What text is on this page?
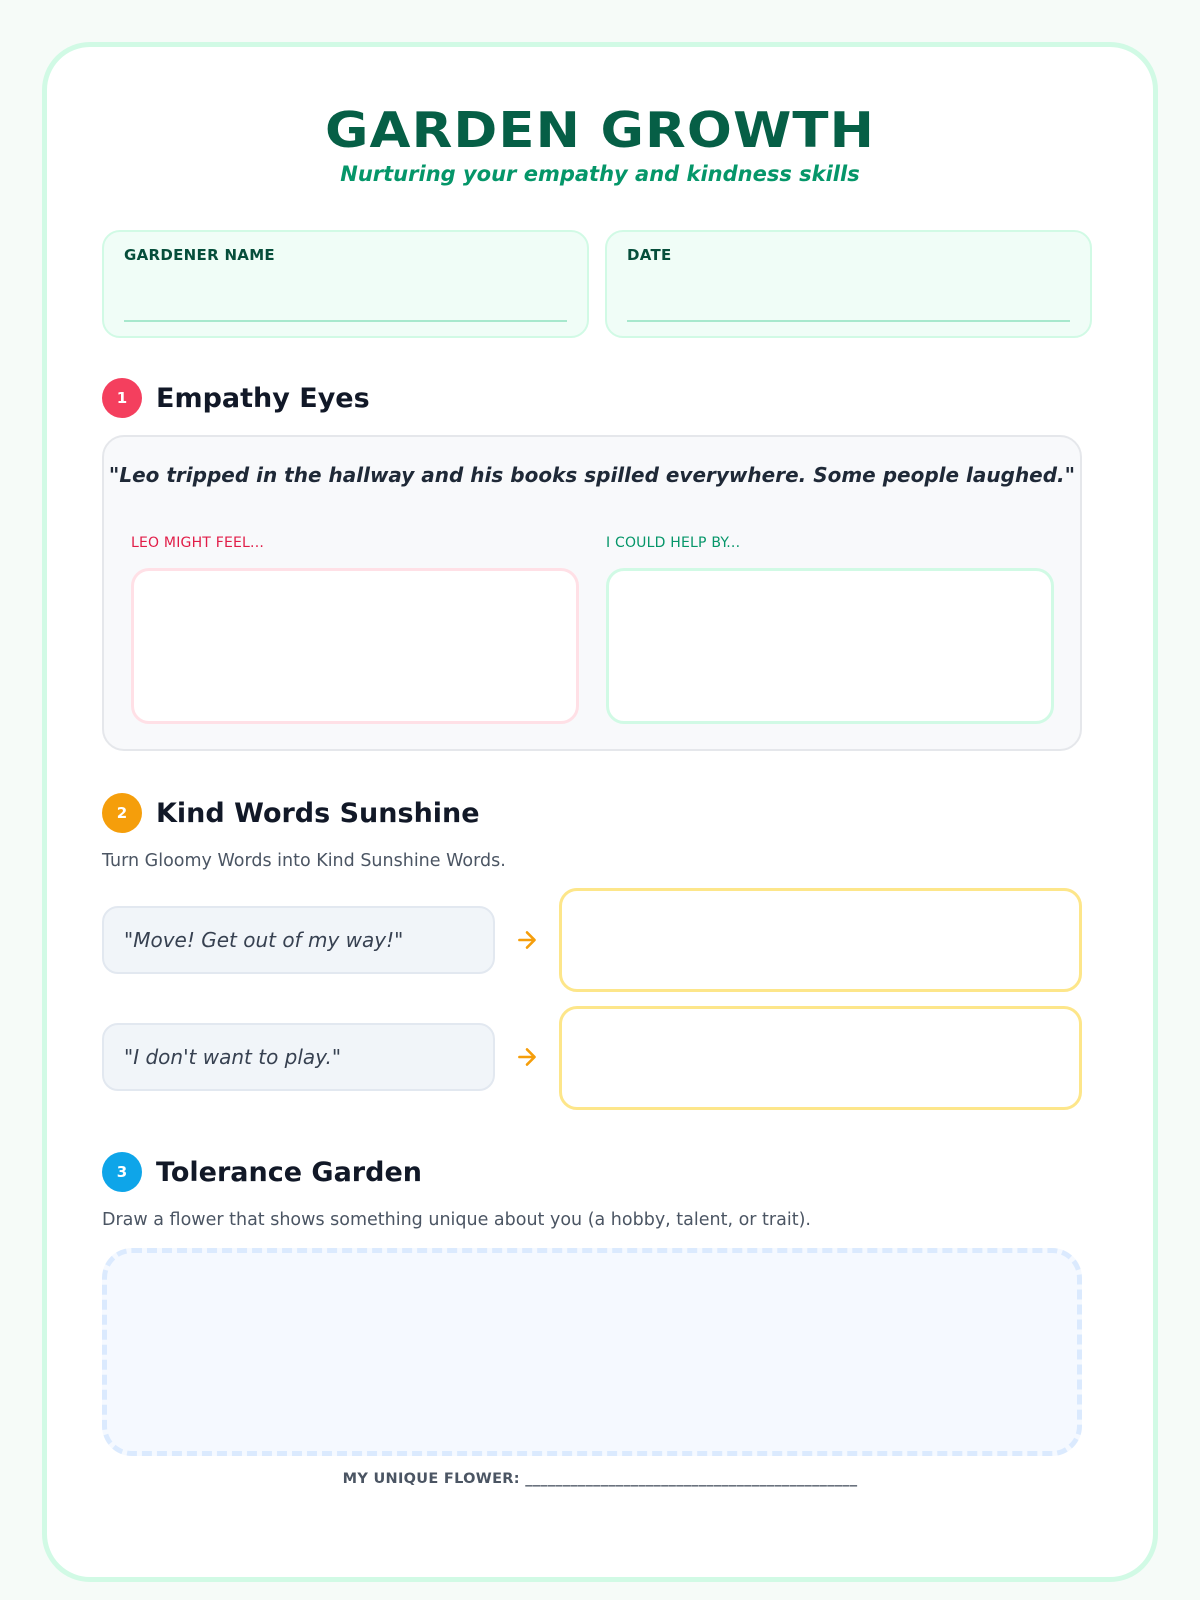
GARDEN GROWTH
Nurturing your empathy and kindness skills
GARDENER NAME	DATE
1	Empathy Eyes
"Leo tripped in the hallway and his books spilled everywhere. Some people laughed."
LEO MIGHT FEEL...	I COULD HELP BY...
2	Kind Words Sunshine
Turn Gloomy Words into Kind Sunshine Words.
"Move! Get out of my way!"
"I don't want to play."
3	Tolerance Garden
Draw a flower that shows something unique about you (a hobby, talent, or trait).
MY UNIQUE FLOWER: ____________________________________________
